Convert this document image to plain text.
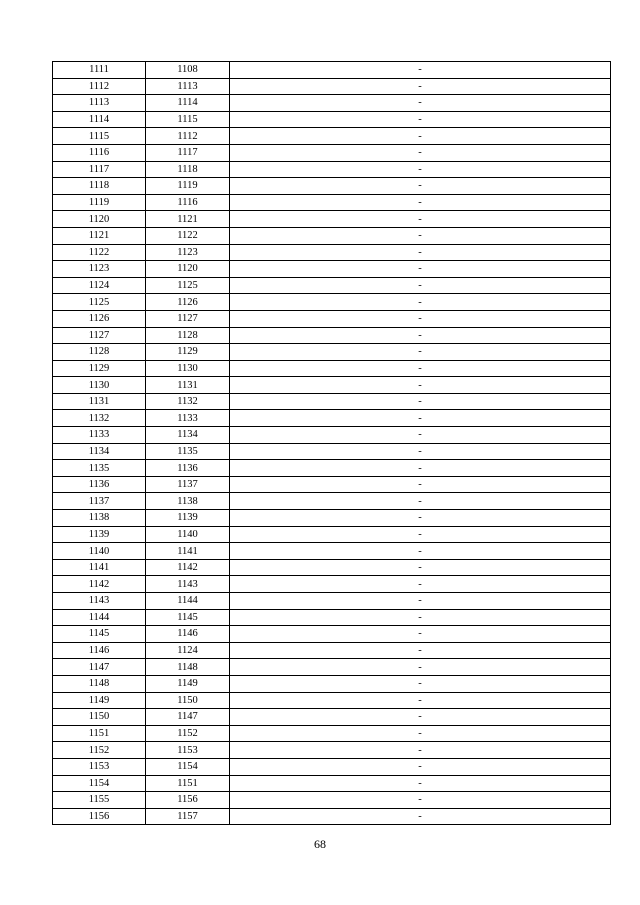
1111	1108	-
1112	1113	-
1113	1114	-
1114	1115	-
1115	1112	-
1116	1117	-
1117	1118	-
1118	1119	-
1119	1116	-
1120	1121	-
1121	1122	-
1122	1123	-
1123	1120	-
1124	1125	-
1125	1126	-
1126	1127	-
1127	1128	-
1128	1129	-
1129	1130	-
1130	1131	-
1131	1132	-
1132	1133	-
1133	1134	-
1134	1135	-
1135	1136	-
1136	1137	-
1137	1138	-
1138	1139	-
1139	1140	-
1140	1141	-
1141	1142	-
1142	1143	-
1143	1144	-
1144	1145	-
1145	1146	-
1146	1124	-
1147	1148	-
1148	1149	-
1149	1150	-
1150	1147	-
1151	1152	-
1152	1153	-
1153	1154	-
1154	1151	-
1155	1156	-
1156	1157	-
68
